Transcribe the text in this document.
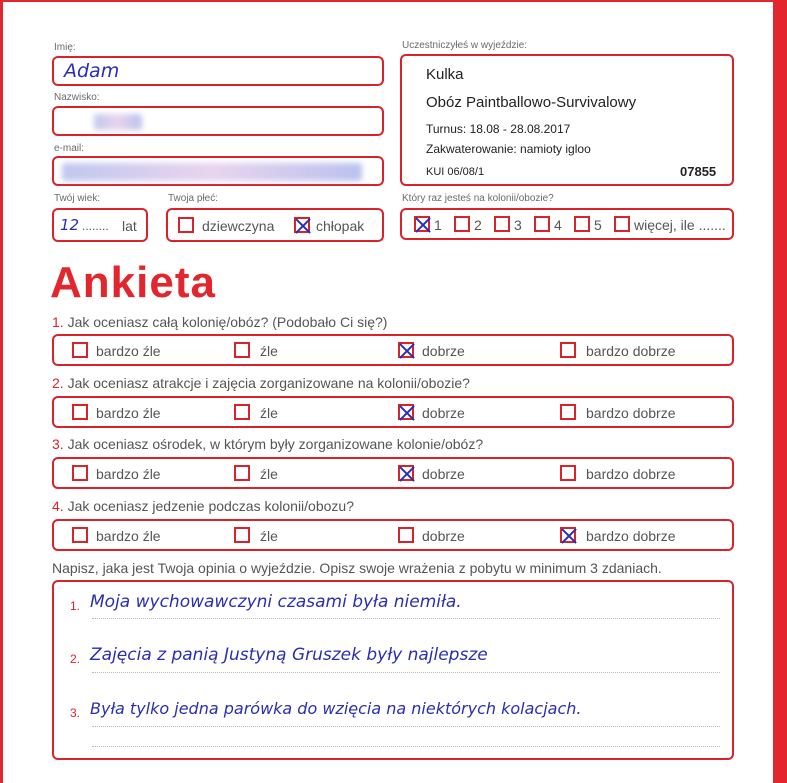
Imię:
Adam
Nazwisko:
e-mail:
Twój wiek:
12 ........ lat
Twoja płeć:
dziewczyna	chłopak
Uczestniczyłeś w wyjeździe:
Kulka
Obóz Paintballowo-Survivalowy
Turnus: 18.08 - 28.08.2017
Zakwaterowanie: namioty igloo
KUI 06/08/1	07855
Który raz jesteś na kolonii/obozie?
1 2 3 4 5 więcej, ile .......
Ankieta
1. Jak oceniasz całą kolonię/obóz? (Podobało Ci się?)
bardzo źle	źle	dobrze	bardzo dobrze
2. Jak oceniasz atrakcje i zajęcia zorganizowane na kolonii/obozie?
bardzo źle	źle	dobrze	bardzo dobrze
3. Jak oceniasz ośrodek, w którym były zorganizowane kolonie/obóz?
bardzo źle	źle	dobrze	bardzo dobrze
4. Jak oceniasz jedzenie podczas kolonii/obozu?
bardzo źle	źle	dobrze	bardzo dobrze
Napisz, jaka jest Twoja opinia o wyjeździe. Opisz swoje wrażenia z pobytu w minimum 3 zdaniach.
1. Moja wychowawczyni czasami była niemiła.
2. Zajęcia z panią Justyną Gruszek były najlepsze
3. Była tylko jedna parówka do wzięcia na niektórych kolacjach.
